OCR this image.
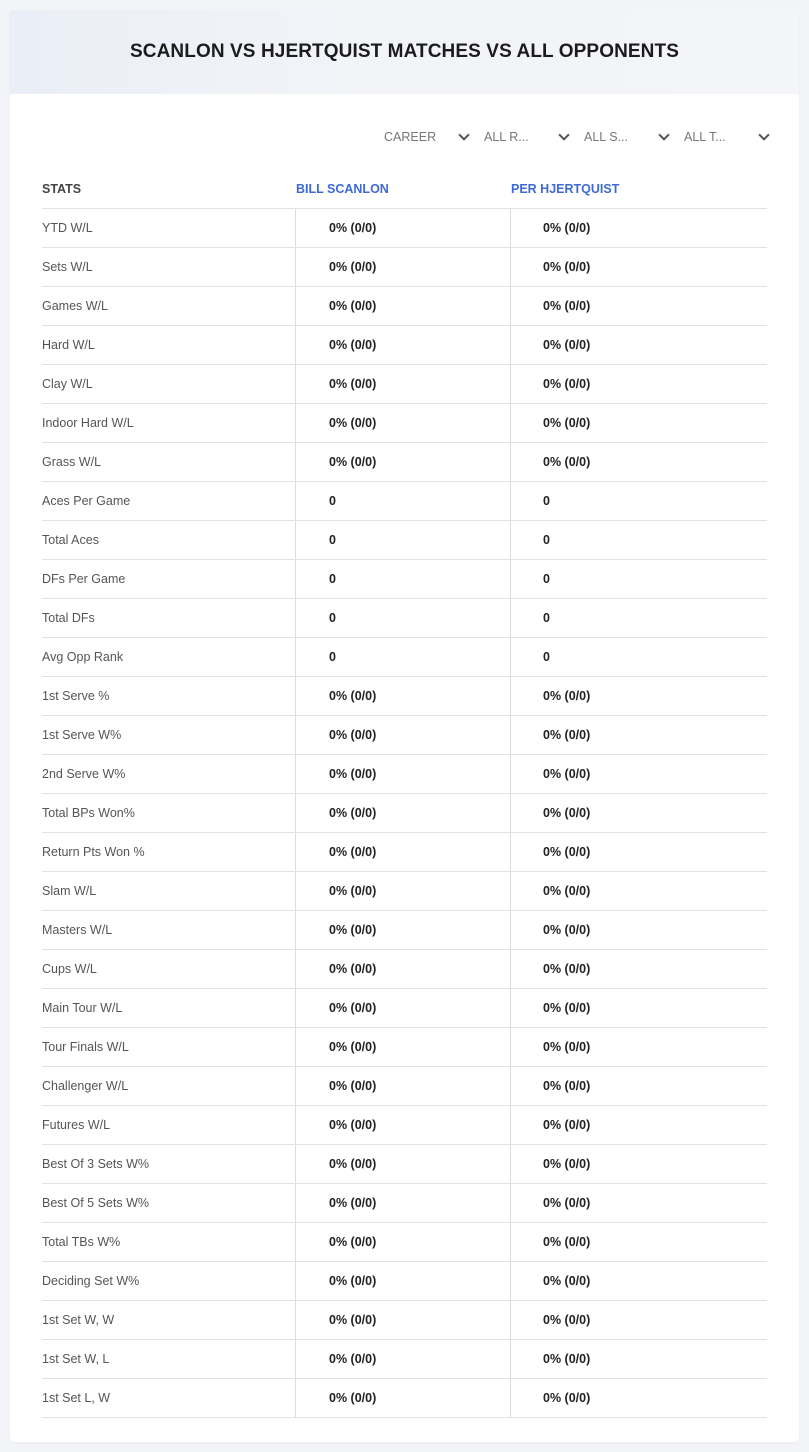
SCANLON VS HJERTQUIST MATCHES VS ALL OPPONENTS
CAREER	ALL R...	ALL S...	ALL T...
STATS	BILL SCANLON	PER HJERTQUIST
YTD W/L	0% (0/0)	0% (0/0)
Sets W/L	0% (0/0)	0% (0/0)
Games W/L	0% (0/0)	0% (0/0)
Hard W/L	0% (0/0)	0% (0/0)
Clay W/L	0% (0/0)	0% (0/0)
Indoor Hard W/L	0% (0/0)	0% (0/0)
Grass W/L	0% (0/0)	0% (0/0)
Aces Per Game	0	0
Total Aces	0	0
DFs Per Game	0	0
Total DFs	0	0
Avg Opp Rank	0	0
1st Serve %	0% (0/0)	0% (0/0)
1st Serve W%	0% (0/0)	0% (0/0)
2nd Serve W%	0% (0/0)	0% (0/0)
Total BPs Won%	0% (0/0)	0% (0/0)
Return Pts Won %	0% (0/0)	0% (0/0)
Slam W/L	0% (0/0)	0% (0/0)
Masters W/L	0% (0/0)	0% (0/0)
Cups W/L	0% (0/0)	0% (0/0)
Main Tour W/L	0% (0/0)	0% (0/0)
Tour Finals W/L	0% (0/0)	0% (0/0)
Challenger W/L	0% (0/0)	0% (0/0)
Futures W/L	0% (0/0)	0% (0/0)
Best Of 3 Sets W%	0% (0/0)	0% (0/0)
Best Of 5 Sets W%	0% (0/0)	0% (0/0)
Total TBs W%	0% (0/0)	0% (0/0)
Deciding Set W%	0% (0/0)	0% (0/0)
1st Set W, W	0% (0/0)	0% (0/0)
1st Set W, L	0% (0/0)	0% (0/0)
1st Set L, W	0% (0/0)	0% (0/0)
